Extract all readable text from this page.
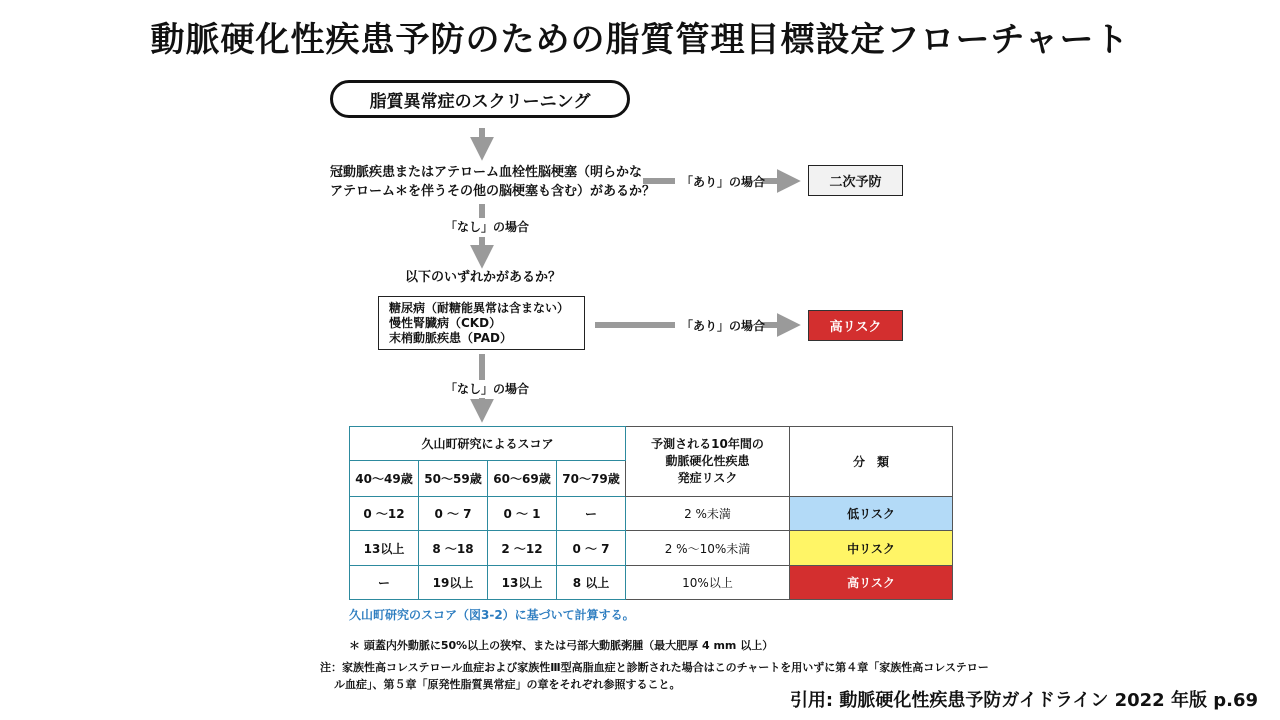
動脈硬化性疾患予防のための脂質管理目標設定フローチャート
脂質異常症のスクリーニング
冠動脈疾患またはアテローム血栓性脳梗塞（明らかな
アテローム＊を伴うその他の脳梗塞も含む）があるか？
「あり」の場合	二次予防
「なし」の場合
以下のいずれかがあるか？
糖尿病（耐糖能異常は含まない）
慢性腎臓病（CKD）
末梢動脈疾患（PAD）
「あり」の場合	高リスク
「なし」の場合
久山町研究によるスコア				予測される10年間の
動脈硬化性疾患
発症リスク	分　類
40〜49歳	50〜59歳	60〜69歳	70〜79歳		
0 〜12	0 〜 7	0 〜 1	ー	2 %未満	低リスク
13以上	8 〜18	2 〜12	0 〜 7	2 %〜10%未満	中リスク
ー	19以上	13以上	8 以上	10%以上	高リスク
久山町研究のスコア（図3-2）に基づいて計算する。
＊ 頭蓋内外動脈に50%以上の狭窄、または弓部大動脈粥腫（最大肥厚 4 mm 以上）
注：家族性高コレステロール血症および家族性Ⅲ型高脂血症と診断された場合はこのチャートを用いずに第４章「家族性高コレステロー
ル血症」、第５章「原発性脂質異常症」の章をそれぞれ参照すること。
引用: 動脈硬化性疾患予防ガイドライン 2022 年版 p.69
